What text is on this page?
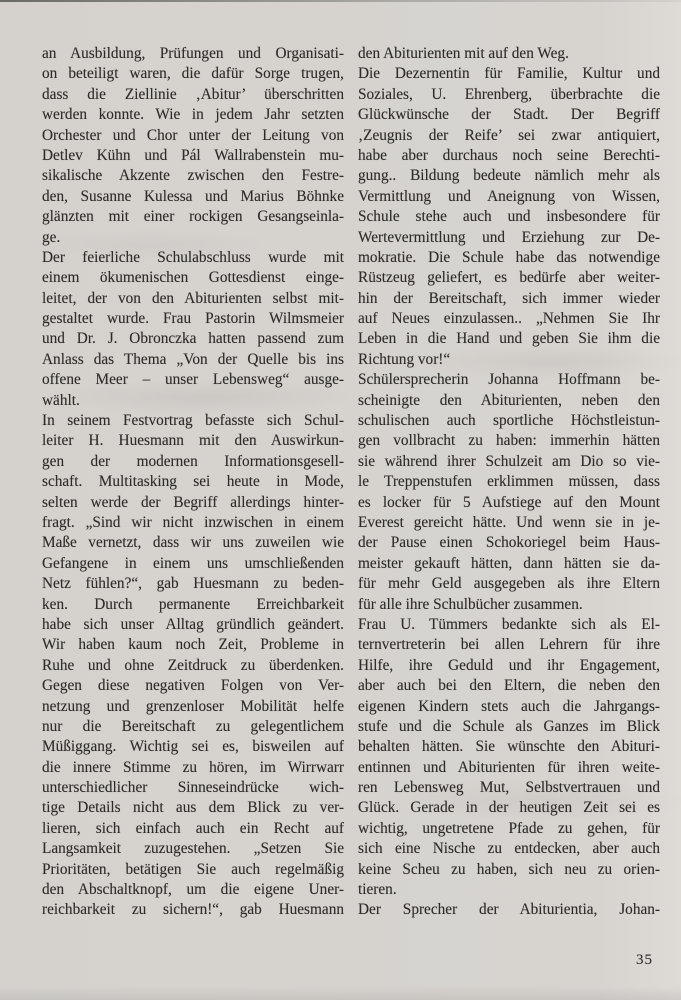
an Ausbildung, Prüfungen und Organisati-
on beteiligt waren, die dafür Sorge trugen,
dass die Ziellinie ‚Abitur’ überschritten
werden konnte. Wie in jedem Jahr setzten
Orchester und Chor unter der Leitung von
Detlev Kühn und Pál Wallrabenstein mu-
sikalische Akzente zwischen den Festre-
den, Susanne Kulessa und Marius Böhnke
glänzten mit einer rockigen Gesangseinla-
ge.
Der feierliche Schulabschluss wurde mit
einem ökumenischen Gottesdienst einge-
leitet, der von den Abiturienten selbst mit-
gestaltet wurde. Frau Pastorin Wilmsmeier
und Dr. J. Obronczka hatten passend zum
Anlass das Thema „Von der Quelle bis ins
offene Meer – unser Lebensweg“ ausge-
wählt.
In seinem Festvortrag befasste sich Schul-
leiter H. Huesmann mit den Auswirkun-
gen der modernen Informationsgesell-
schaft. Multitasking sei heute in Mode,
selten werde der Begriff allerdings hinter-
fragt. „Sind wir nicht inzwischen in einem
Maße vernetzt, dass wir uns zuweilen wie
Gefangene in einem uns umschließenden
Netz fühlen?“, gab Huesmann zu beden-
ken. Durch permanente Erreichbarkeit
habe sich unser Alltag gründlich geändert.
Wir haben kaum noch Zeit, Probleme in
Ruhe und ohne Zeitdruck zu überdenken.
Gegen diese negativen Folgen von Ver-
netzung und grenzenloser Mobilität helfe
nur die Bereitschaft zu gelegentlichem
Müßiggang. Wichtig sei es, bisweilen auf
die innere Stimme zu hören, im Wirrwarr
unterschiedlicher Sinneseindrücke wich-
tige Details nicht aus dem Blick zu ver-
lieren, sich einfach auch ein Recht auf
Langsamkeit zuzugestehen. „Setzen Sie
Prioritäten, betätigen Sie auch regelmäßig
den Abschaltknopf, um die eigene Uner-
reichbarkeit zu sichern!“, gab Huesmann
den Abiturienten mit auf den Weg.
Die Dezernentin für Familie, Kultur und
Soziales, U. Ehrenberg, überbrachte die
Glückwünsche der Stadt. Der Begriff
‚Zeugnis der Reife’ sei zwar antiquiert,
habe aber durchaus noch seine Berechti-
gung.. Bildung bedeute nämlich mehr als
Vermittlung und Aneignung von Wissen,
Schule stehe auch und insbesondere für
Wertevermittlung und Erziehung zur De-
mokratie. Die Schule habe das notwendige
Rüstzeug geliefert, es bedürfe aber weiter-
hin der Bereitschaft, sich immer wieder
auf Neues einzulassen.. „Nehmen Sie Ihr
Leben in die Hand und geben Sie ihm die
Richtung vor!“
Schülersprecherin Johanna Hoffmann be-
scheinigte den Abiturienten, neben den
schulischen auch sportliche Höchstleistun-
gen vollbracht zu haben: immerhin hätten
sie während ihrer Schulzeit am Dio so vie-
le Treppenstufen erklimmen müssen, dass
es locker für 5 Aufstiege auf den Mount
Everest gereicht hätte. Und wenn sie in je-
der Pause einen Schokoriegel beim Haus-
meister gekauft hätten, dann hätten sie da-
für mehr Geld ausgegeben als ihre Eltern
für alle ihre Schulbücher zusammen.
Frau U. Tümmers bedankte sich als El-
ternvertreterin bei allen Lehrern für ihre
Hilfe, ihre Geduld und ihr Engagement,
aber auch bei den Eltern, die neben den
eigenen Kindern stets auch die Jahrgangs-
stufe und die Schule als Ganzes im Blick
behalten hätten. Sie wünschte den Abituri-
entinnen und Abiturienten für ihren weite-
ren Lebensweg Mut, Selbstvertrauen und
Glück. Gerade in der heutigen Zeit sei es
wichtig, ungetretene Pfade zu gehen, für
sich eine Nische zu entdecken, aber auch
keine Scheu zu haben, sich neu zu orien-
tieren.
Der Sprecher der Abiturientia, Johan-
35
